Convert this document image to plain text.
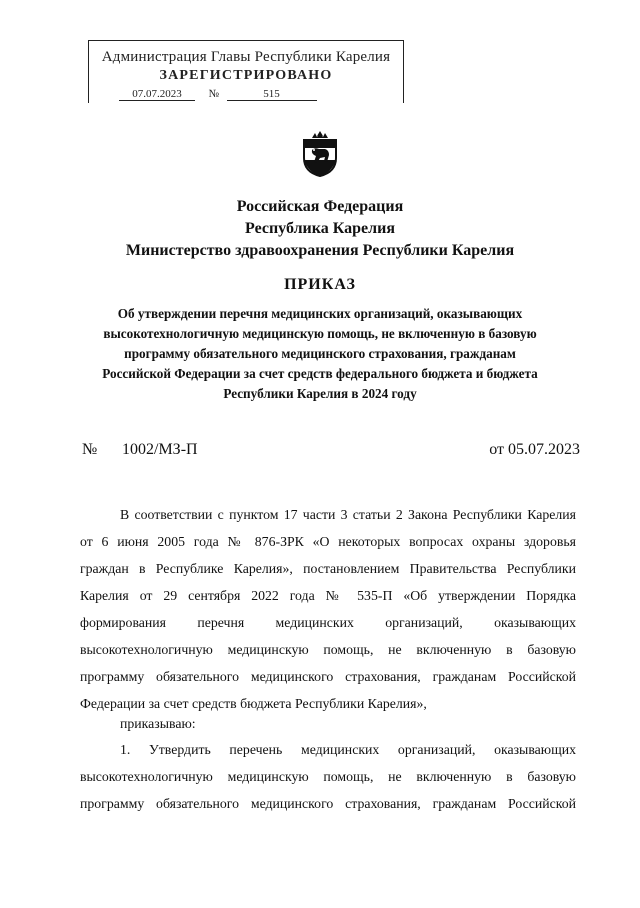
Администрация Главы Республики Карелия
ЗАРЕГИСТРИРОВАНО
07.07.2023 №	515
Российская Федерация
Республика Карелия
Министерство здравоохранения Республики Карелия
ПРИКАЗ
Об утверждении перечня медицинских организаций, оказывающих
высокотехнологичную медицинскую помощь, не включенную в базовую
программу обязательного медицинского страхования, гражданам
Российской Федерации за счет средств федерального бюджета и бюджета
Республики Карелия в 2024 году
№ 1002/МЗ-П	от 05.07.2023
В соответствии с пунктом 17 части 3 статьи 2 Закона Республики Карелия
от 6 июня 2005 года № 876-ЗРК «О некоторых вопросах охраны здоровья
граждан в Республике Карелия», постановлением Правительства Республики
Карелия от 29 сентября 2022 года № 535-П «Об утверждении Порядка
формирования перечня медицинских организаций, оказывающих
высокотехнологичную медицинскую помощь, не включенную в базовую
программу обязательного медицинского страхования, гражданам Российской
Федерации за счет средств бюджета Республики Карелия»,
приказываю:
1. Утвердить перечень медицинских организаций, оказывающих
высокотехнологичную медицинскую помощь, не включенную в базовую
программу обязательного медицинского страхования, гражданам Российской
